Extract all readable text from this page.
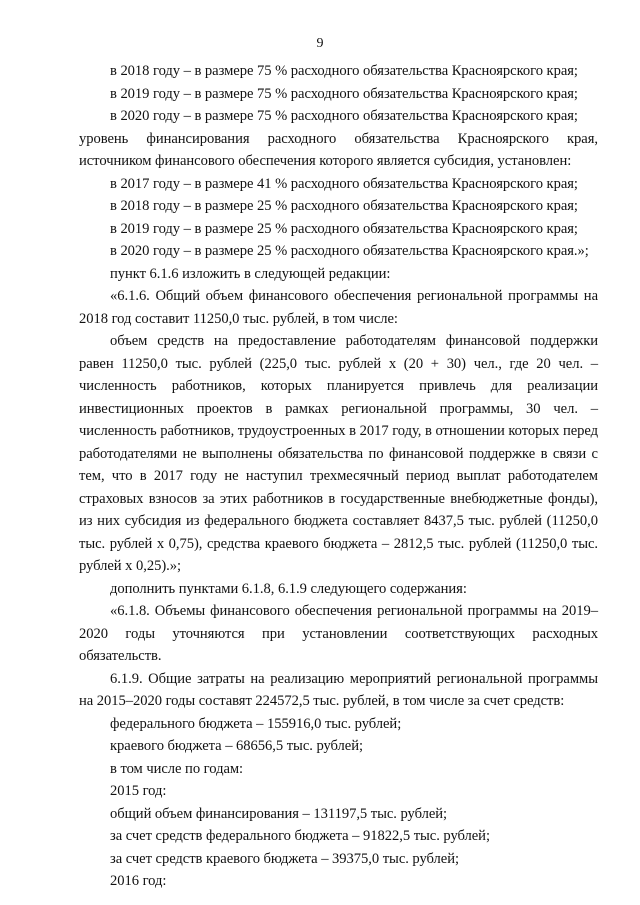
9

в 2018 году – в размере 75 % расходного обязательства Красноярского края;

в 2019 году – в размере 75 % расходного обязательства Красноярского края;

в 2020 году – в размере 75 % расходного обязательства Красноярского края;

уровень финансирования расходного обязательства Красноярского края, источником финансового обеспечения которого является субсидия, установлен:

в 2017 году – в размере 41 % расходного обязательства Красноярского края;

в 2018 году – в размере 25 % расходного обязательства Красноярского края;

в 2019 году – в размере 25 % расходного обязательства Красноярского края;

в 2020 году – в размере 25 % расходного обязательства Красноярского края.»;

пункт 6.1.6 изложить в следующей редакции:

«6.1.6. Общий объем финансового обеспечения региональной программы на 2018 год составит 11250,0 тыс. рублей, в том числе:

объем средств на предоставление работодателям финансовой поддержки равен 11250,0 тыс. рублей (225,0 тыс. рублей х (20 + 30) чел., где 20 чел. – численность работников, которых планируется привлечь для реализации инвестиционных проектов в рамках региональной программы, 30 чел. – численность работников, трудоустроенных в 2017 году, в отношении которых перед работодателями не выполнены обязательства по финансовой поддержке в связи с тем, что в 2017 году не наступил трехмесячный период выплат работодателем страховых взносов за этих работников в государственные внебюджетные фонды), из них субсидия из федерального бюджета составляет 8437,5 тыс. рублей (11250,0 тыс. рублей х 0,75), средства краевого бюджета – 2812,5 тыс. рублей (11250,0 тыс. рублей х 0,25).»;

дополнить пунктами 6.1.8, 6.1.9 следующего содержания:

«6.1.8. Объемы финансового обеспечения региональной программы на 2019–2020 годы уточняются при установлении соответствующих расходных обязательств.

6.1.9. Общие затраты на реализацию мероприятий региональной программы на 2015–2020 годы составят 224572,5 тыс. рублей, в том числе за счет средств:

федерального бюджета – 155916,0 тыс. рублей;

краевого бюджета – 68656,5 тыс. рублей;

в том числе по годам:

2015 год:

общий объем финансирования – 131197,5 тыс. рублей;

за счет средств федерального бюджета – 91822,5 тыс. рублей;

за счет средств краевого бюджета – 39375,0 тыс. рублей;

2016 год:
